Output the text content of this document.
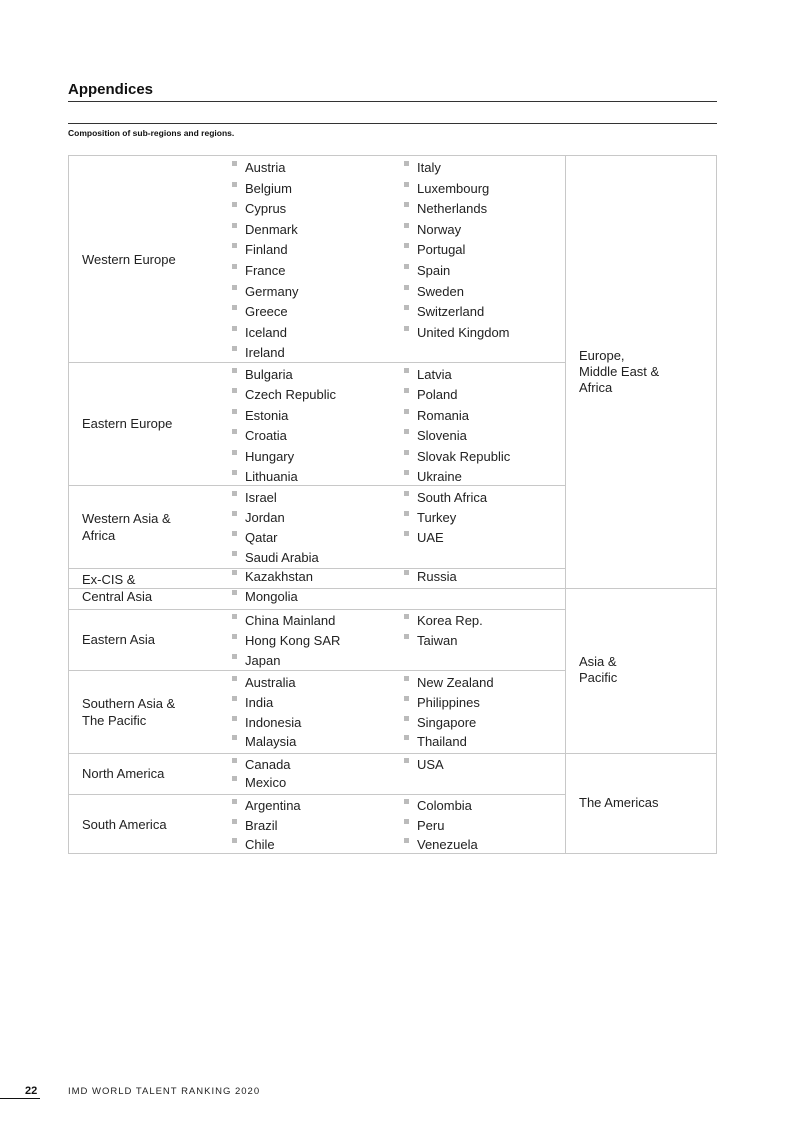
Appendices
Composition of sub-regions and regions.
Western Europe
Eastern Europe
Western Asia &
Africa
Ex-CIS &
Central Asia
Eastern Asia
Southern Asia &
The Pacific
North America
South America
Europe,
Middle East &
Africa
Asia &
Pacific
The Americas
Austria
Belgium
Cyprus
Denmark
Finland
France
Germany
Greece
Iceland
Ireland
Italy
Luxembourg
Netherlands
Norway
Portugal
Spain
Sweden
Switzerland
United Kingdom
Bulgaria
Czech Republic
Estonia
Croatia
Hungary
Lithuania
Latvia
Poland
Romania
Slovenia
Slovak Republic
Ukraine
Israel
Jordan
Qatar
Saudi Arabia
South Africa
Turkey
UAE
Kazakhstan
Mongolia
Russia
China Mainland
Hong Kong SAR
Japan
Korea Rep.
Taiwan
Australia
India
Indonesia
Malaysia
New Zealand
Philippines
Singapore
Thailand
Canada
Mexico
USA
Argentina
Brazil
Chile
Colombia
Peru
Venezuela
22	IMD WORLD TALENT RANKING 2020
